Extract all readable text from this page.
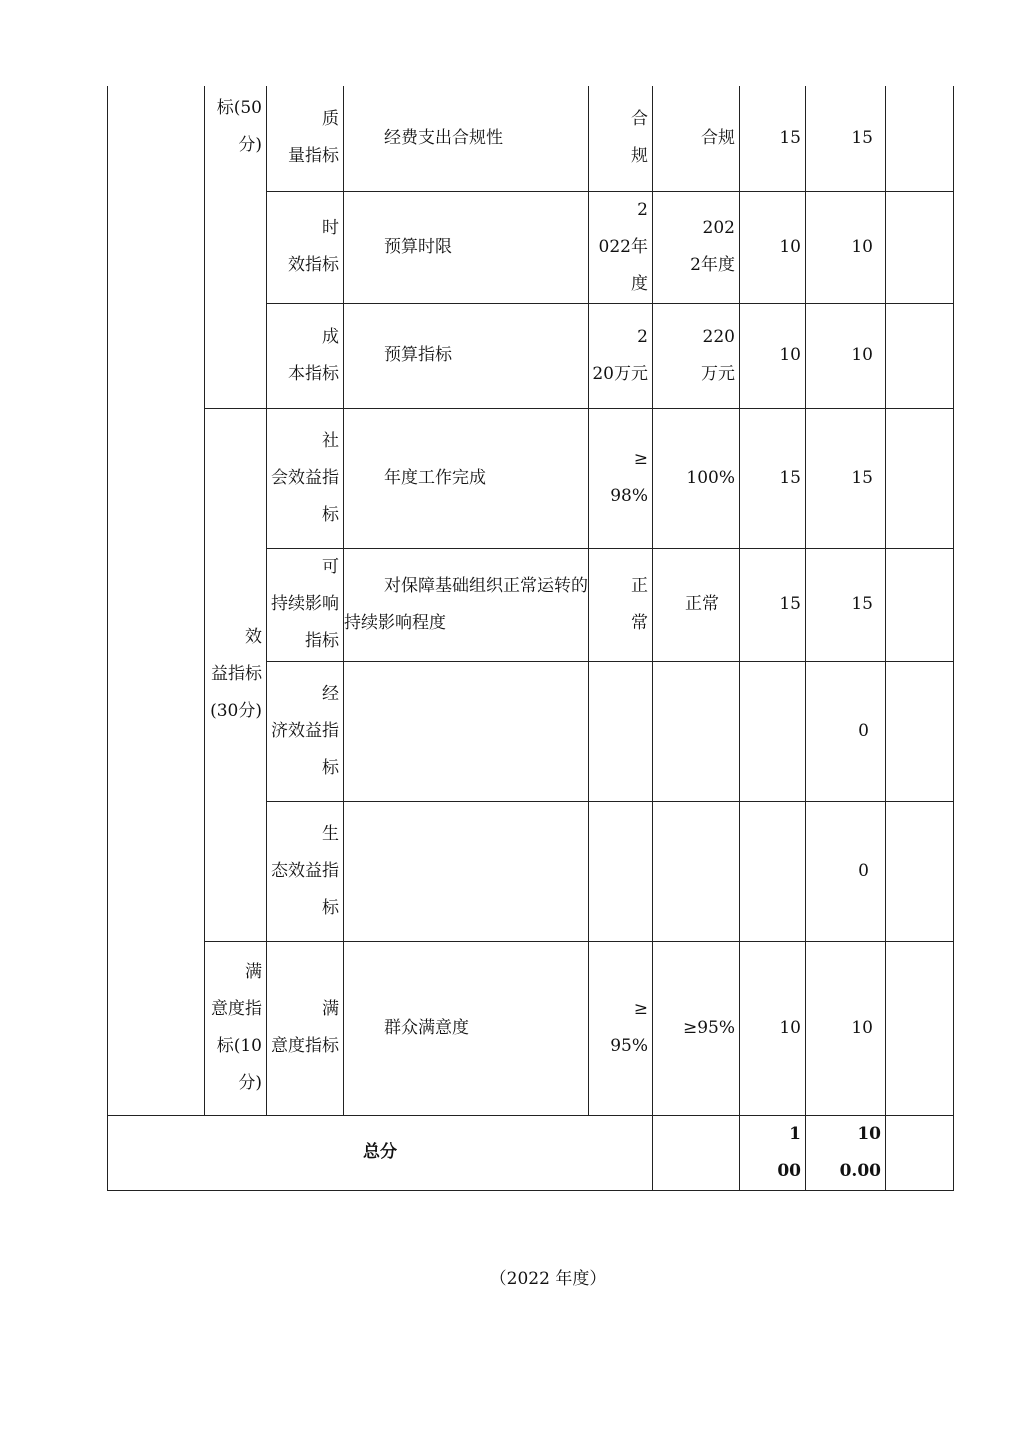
	标(50分)	质量指标	经费支出合规性	合规	合规	15	15	
		时效指标	预算时限	2022年度	2022年度	10	10	
		成本指标	预算指标	220万元	220万元	10	10	
	效益指标(30分)	社会效益指标	年度工作完成	≥98%	100%	15	15	
		可持续影响指标	对保障基础组织正常运转的持续影响程度	正常	正常	15	15	
		经济效益指标					0	
		生态效益指标					0	
	满意度指标(10分)	满意度指标	群众满意度	≥95%	≥95%	10	10	
总分						100	100.00	
（2022 年度）
